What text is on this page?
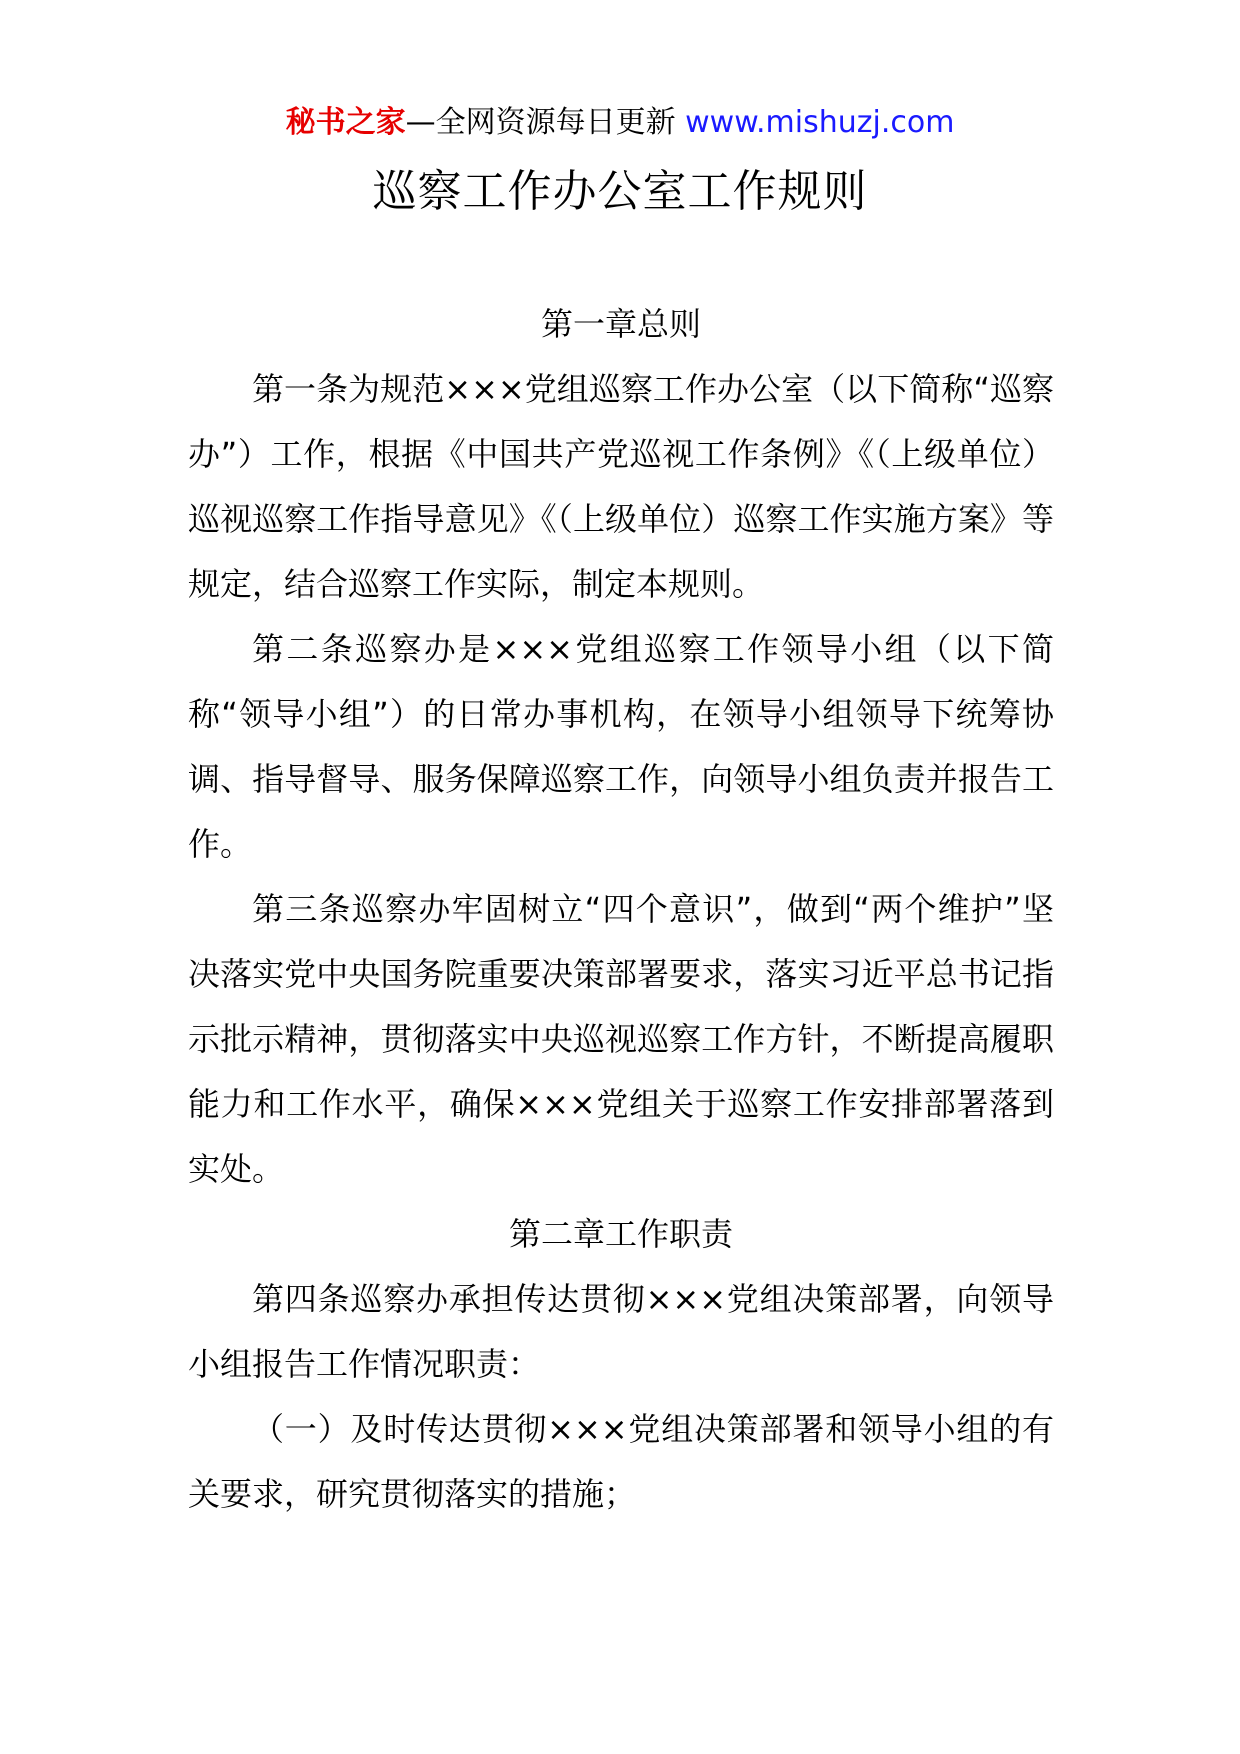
秘书之家—全网资源每日更新 www.mishuzj.com
巡察工作办公室工作规则

第一章总则

第一条为规范×××党组巡察工作办公室（以下简称“巡察办”）工作，根据《中国共产党巡视工作条例》《（上级单位）巡视巡察工作指导意见》《（上级单位）巡察工作实施方案》等规定，结合巡察工作实际，制定本规则。

第二条巡察办是×××党组巡察工作领导小组（以下简称“领导小组”）的日常办事机构，在领导小组领导下统筹协调、指导督导、服务保障巡察工作，向领导小组负责并报告工作。

第三条巡察办牢固树立“四个意识”，做到“两个维护”坚决落实党中央国务院重要决策部署要求，落实习近平总书记指示批示精神，贯彻落实中央巡视巡察工作方针，不断提高履职能力和工作水平，确保×××党组关于巡察工作安排部署落到实处。

第二章工作职责

第四条巡察办承担传达贯彻×××党组决策部署，向领导小组报告工作情况职责：

（一）及时传达贯彻×××党组决策部署和领导小组的有关要求，研究贯彻落实的措施；
